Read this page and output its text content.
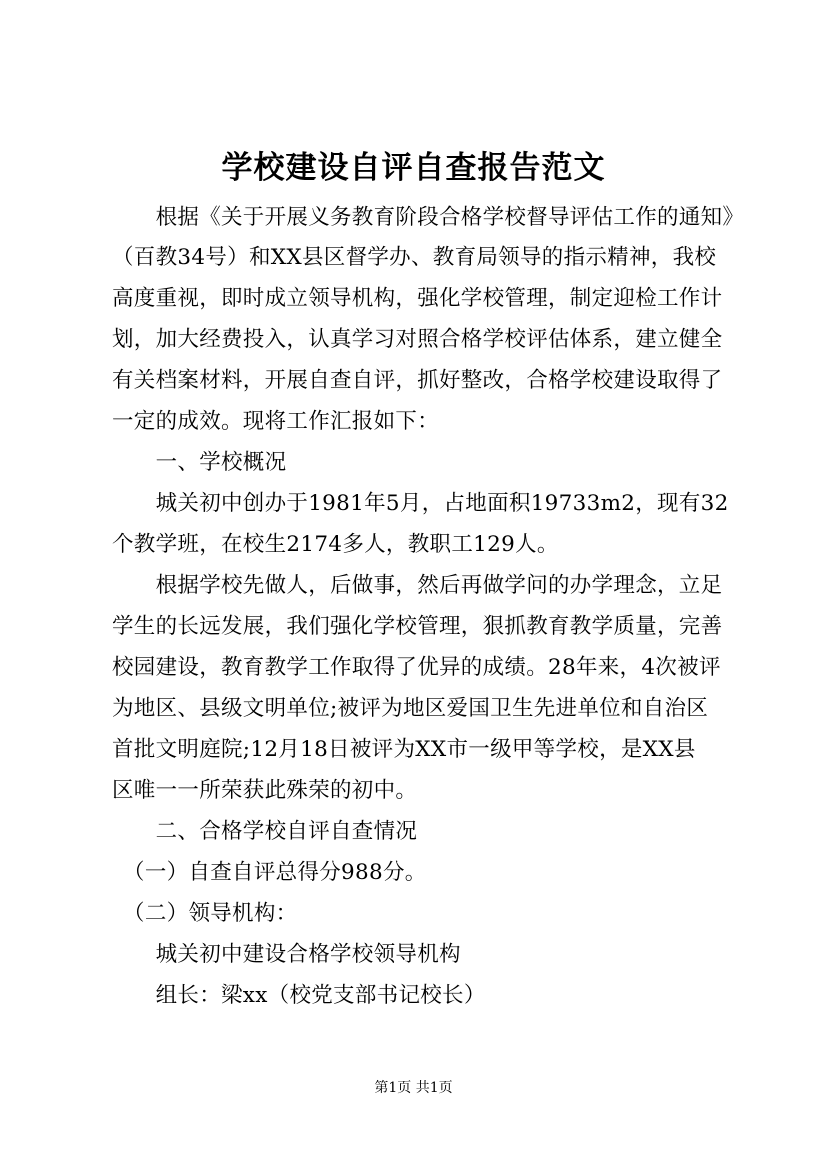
学校建设自评自查报告范文
　　根据《关于开展义务教育阶段合格学校督导评估工作的通知》
（百教34号）和XX县区督学办、教育局领导的指示精神，我校
高度重视，即时成立领导机构，强化学校管理，制定迎检工作计
划，加大经费投入，认真学习对照合格学校评估体系，建立健全
有关档案材料，开展自查自评，抓好整改，合格学校建设取得了
一定的成效。现将工作汇报如下：
　　一、学校概况
　　城关初中创办于1981年5月，占地面积19733m2，现有32
个教学班，在校生2174多人，教职工129人。
　　根据学校先做人，后做事，然后再做学问的办学理念，立足
学生的长远发展，我们强化学校管理，狠抓教育教学质量，完善
校园建设，教育教学工作取得了优异的成绩。28年来，4次被评
为地区、县级文明单位;被评为地区爱国卫生先进单位和自治区
首批文明庭院;12月18日被评为XX市一级甲等学校，是XX县
区唯一一所荣获此殊荣的初中。
　　二、合格学校自评自查情况
　（一）自查自评总得分988分。
　（二）领导机构：
　　城关初中建设合格学校领导机构
　　组长：梁xx（校党支部书记校长）
第1页 共1页
